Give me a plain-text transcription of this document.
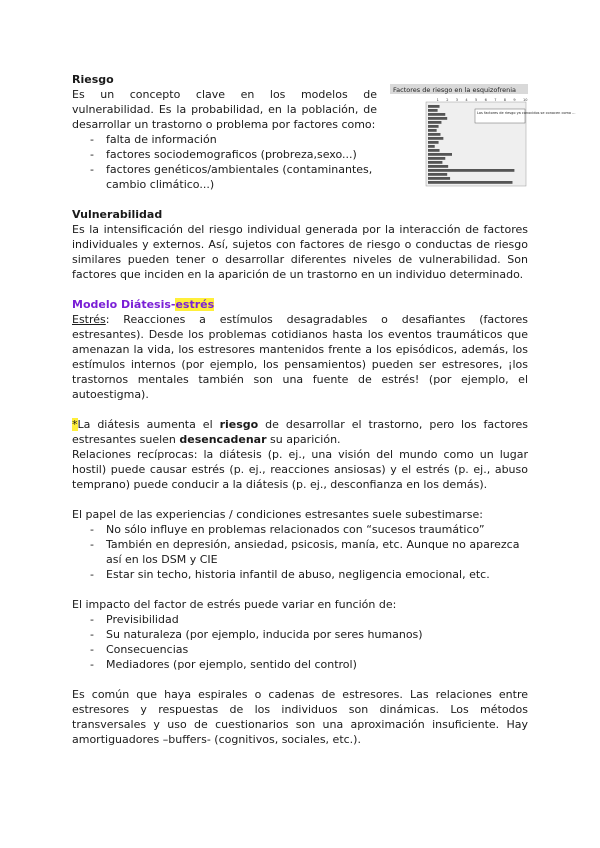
Riesgo

Es un concepto clave en los modelos de vulnerabilidad. Es la probabilidad, en la población, de desarrollar un trastorno o problema por factores como:

- falta de información
- factores sociodemograficos (probreza,sexo...)
- factores genéticos/ambientales (contaminantes, cambio climático...)
Factores de riesgo en la esquizofrenia
1 2 3 4 5 6 7 8 9 10
Los factores de riesgo ya conocidos se conocen como ...

Vulnerabilidad

Es la intensificación del riesgo individual generada por la interacción de factores individuales y externos. Así, sujetos con factores de riesgo o conductas de riesgo similares pueden tener o desarrollar diferentes niveles de vulnerabilidad. Son factores que inciden en la aparición de un trastorno en un individuo determinado.

Modelo Diátesis-estrés

Estrés: Reacciones a estímulos desagradables o desafiantes (factores estresantes). Desde los problemas cotidianos hasta los eventos traumáticos que amenazan la vida, los estresores mantenidos frente a los episódicos, además, los estímulos internos (por ejemplo, los pensamientos) pueden ser estresores, ¡los trastornos mentales también son una fuente de estrés! (por ejemplo, el autoestigma).

*La diátesis aumenta el riesgo de desarrollar el trastorno, pero los factores estresantes suelen desencadenar su aparición.

Relaciones recíprocas: la diátesis (p. ej., una visión del mundo como un lugar hostil) puede causar estrés (p. ej., reacciones ansiosas) y el estrés (p. ej., abuso temprano) puede conducir a la diátesis (p. ej., desconfianza en los demás).

El papel de las experiencias / condiciones estresantes suele subestimarse:

- No sólo influye en problemas relacionados con “sucesos traumático”
- También en depresión, ansiedad, psicosis, manía, etc. Aunque no aparezca así en los DSM y CIE
- Estar sin techo, historia infantil de abuso, negligencia emocional, etc.

El impacto del factor de estrés puede variar en función de:

- Previsibilidad
- Su naturaleza (por ejemplo, inducida por seres humanos)
- Consecuencias
- Mediadores (por ejemplo, sentido del control)

Es común que haya espirales o cadenas de estresores. Las relaciones entre estresores y respuestas de los individuos son dinámicas. Los métodos transversales y uso de cuestionarios son una aproximación insuficiente. Hay amortiguadores –buffers- (cognitivos, sociales, etc.).
